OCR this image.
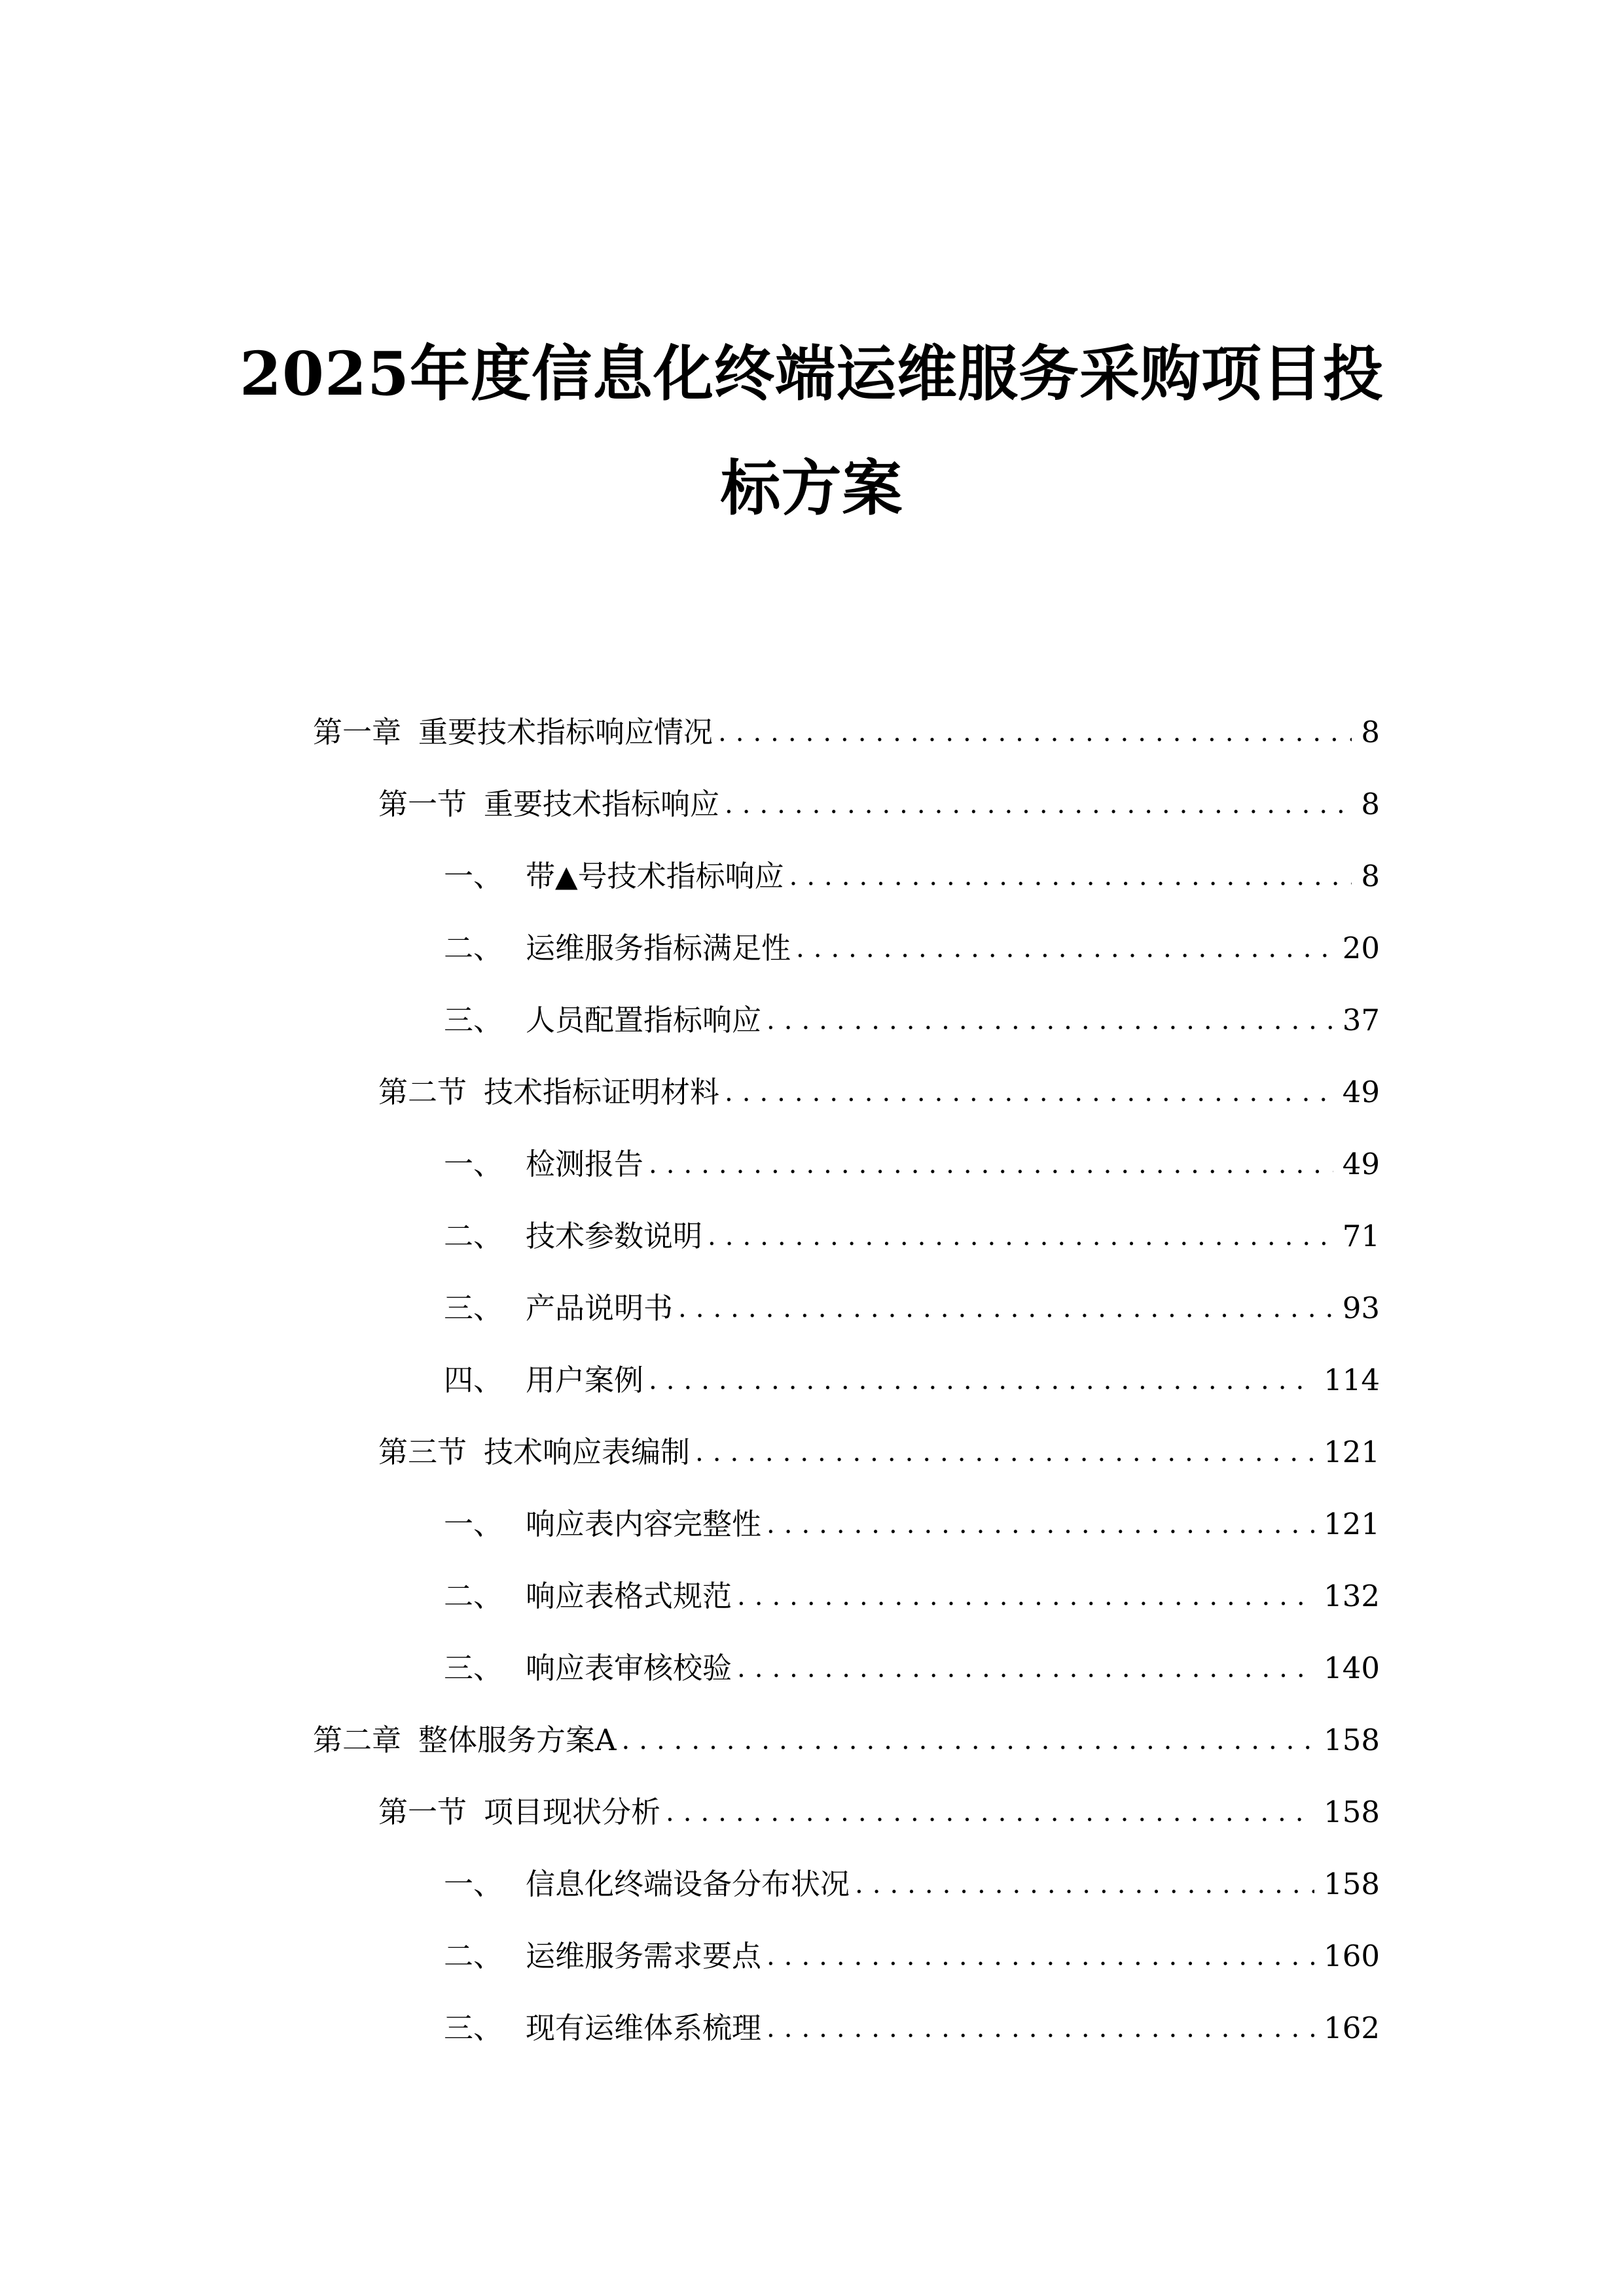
2025年度信息化终端运维服务采购项目投
标方案
第一章 重要技术指标响应情况 .....	8
第一节 重要技术指标响应 .....	8
一、 带▲号技术指标响应 .....	8
二、 运维服务指标满足性 .....	20
三、 人员配置指标响应 .....	37
第二节 技术指标证明材料 .....	49
一、 检测报告 .....	49
二、 技术参数说明 .....	71
三、 产品说明书 .....	93
四、 用户案例 .....	114
第三节 技术响应表编制 .....	121
一、 响应表内容完整性 .....	121
二、 响应表格式规范 .....	132
三、 响应表审核校验 .....	140
第二章 整体服务方案A .....	158
第一节 项目现状分析 .....	158
一、 信息化终端设备分布状况 .....	158
二、 运维服务需求要点 .....	160
三、 现有运维体系梳理 .....	162
